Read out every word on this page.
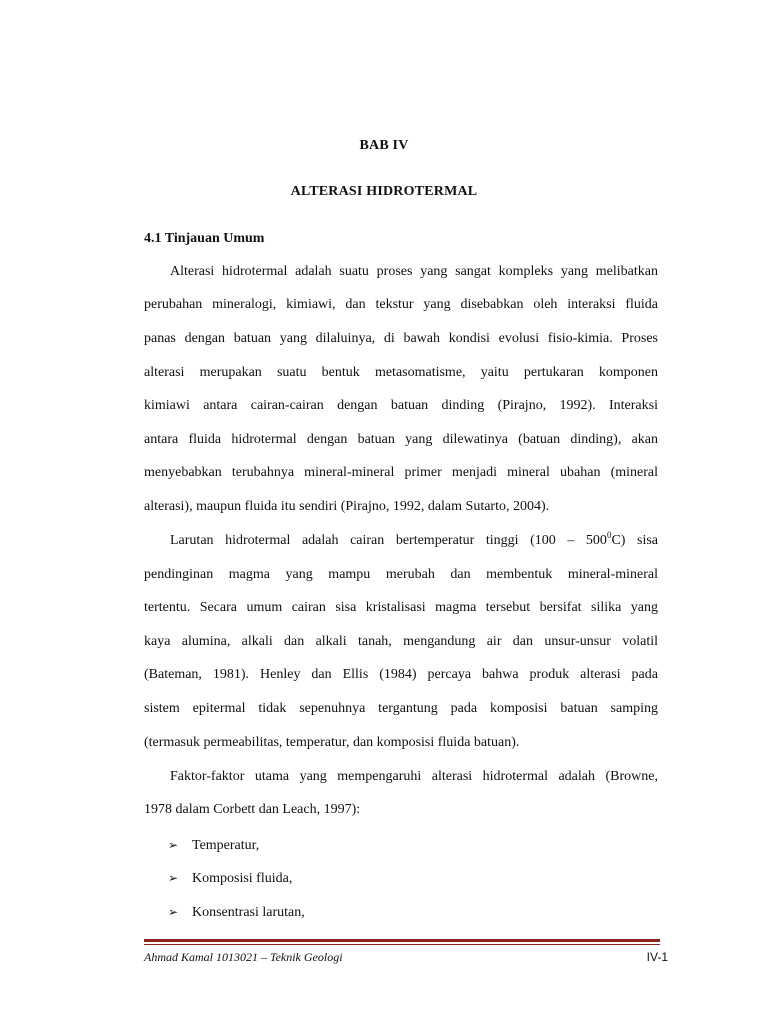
BAB IV

ALTERASI HIDROTERMAL

4.1 Tinjauan Umum

Alterasi hidrotermal adalah suatu proses yang sangat kompleks yang melibatkan

perubahan mineralogi, kimiawi, dan tekstur yang disebabkan oleh interaksi fluida

panas dengan batuan yang dilaluinya, di bawah kondisi evolusi fisio-kimia. Proses

alterasi merupakan suatu bentuk metasomatisme, yaitu pertukaran komponen

kimiawi antara cairan-cairan dengan batuan dinding (Pirajno, 1992). Interaksi

antara fluida hidrotermal dengan batuan yang dilewatinya (batuan dinding), akan

menyebabkan terubahnya mineral-mineral primer menjadi mineral ubahan (mineral

alterasi), maupun fluida itu sendiri (Pirajno, 1992, dalam Sutarto, 2004).

Larutan hidrotermal adalah cairan bertemperatur tinggi $(100 - 500^0C)$ sisa

pendinginan magma yang mampu merubah dan membentuk mineral-mineral

tertentu. Secara umum cairan sisa kristalisasi magma tersebut bersifat silika yang

kaya alumina, alkali dan alkali tanah, mengandung air dan unsur-unsur volatil

(Bateman, 1981). Henley dan Ellis (1984) percaya bahwa produk alterasi pada

sistem epitermal tidak sepenuhnya tergantung pada komposisi batuan samping

(termasuk permeabilitas, temperatur, dan komposisi fluida batuan).

Faktor-faktor utama yang mempengaruhi alterasi hidrotermal adalah (Browne,

1978 dalam Corbett dan Leach, 1997):

➢ Temperatur,

➢ Komposisi fluida,

➢ Konsentrasi larutan,

Ahmad Kamal 1013021 – Teknik Geologi	IV-1
